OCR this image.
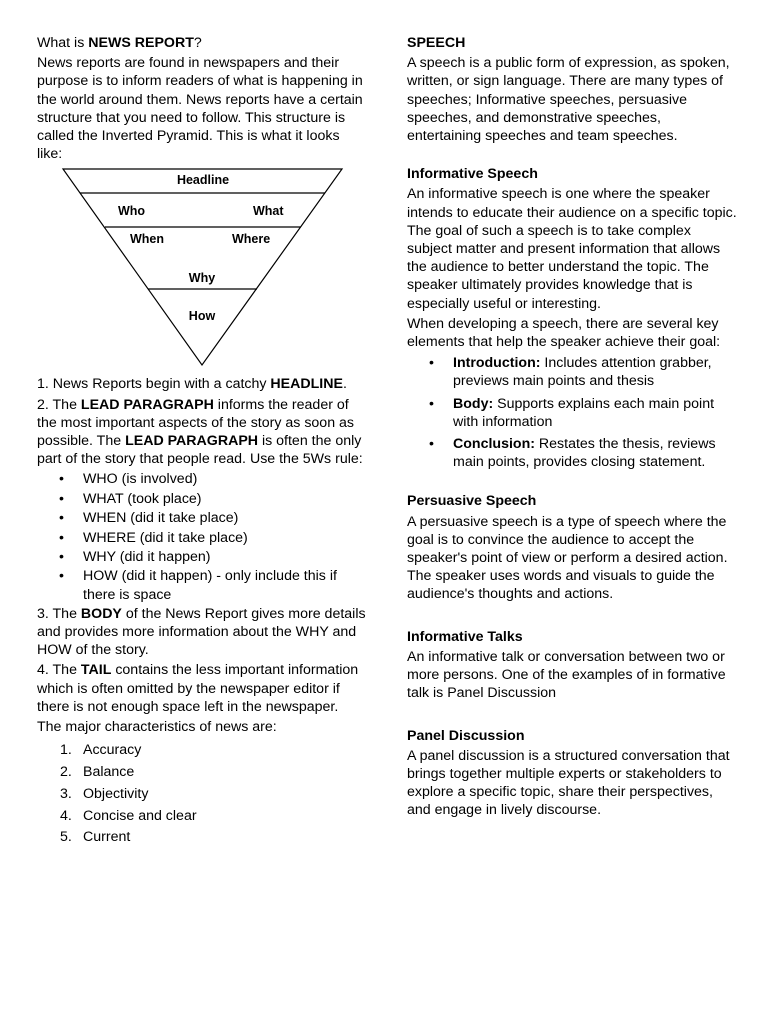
What is NEWS REPORT?

News reports are found in newspapers and their purpose is to inform readers of what is happening in the world around them. News reports have a certain structure that you need to follow. This structure is called the Inverted Pyramid. This is what it looks like:

Headline
Who	What
When	Where
Why
How

1. News Reports begin with a catchy HEADLINE.

2. The LEAD PARAGRAPH informs the reader of the most important aspects of the story as soon as possible. The LEAD PARAGRAPH is often the only part of the story that people read. Use the 5Ws rule:

• WHO (is involved)
• WHAT (took place)
• WHEN (did it take place)
• WHERE (did it take place)
• WHY (did it happen)
• HOW (did it happen) - only include this if there is space

3. The BODY of the News Report gives more details and provides more information about the WHY and HOW of the story.

4. The TAIL contains the less important information which is often omitted by the newspaper editor if there is not enough space left in the newspaper.

The major characteristics of news are:

1. Accuracy
2. Balance
3. Objectivity
4. Concise and clear
5. Current
SPEECH

A speech is a public form of expression, as spoken, written, or sign language. There are many types of speeches; Informative speeches, persuasive speeches, and demonstrative speeches, entertaining speeches and team speeches.

Informative Speech

An informative speech is one where the speaker intends to educate their audience on a specific topic. The goal of such a speech is to take complex subject matter and present information that allows the audience to better understand the topic. The speaker ultimately provides knowledge that is especially useful or interesting.

When developing a speech, there are several key elements that help the speaker achieve their goal:

• Introduction: Includes attention grabber, previews main points and thesis
• Body: Supports explains each main point with information
• Conclusion: Restates the thesis, reviews main points, provides closing statement.
Persuasive Speech

A persuasive speech is a type of speech where the goal is to convince the audience to accept the speaker's point of view or perform a desired action. The speaker uses words and visuals to guide the audience's thoughts and actions.

Informative Talks

An informative talk or conversation between two or more persons. One of the examples of in formative talk is Panel Discussion

Panel Discussion

A panel discussion is a structured conversation that brings together multiple experts or stakeholders to explore a specific topic, share their perspectives, and engage in lively discourse.
